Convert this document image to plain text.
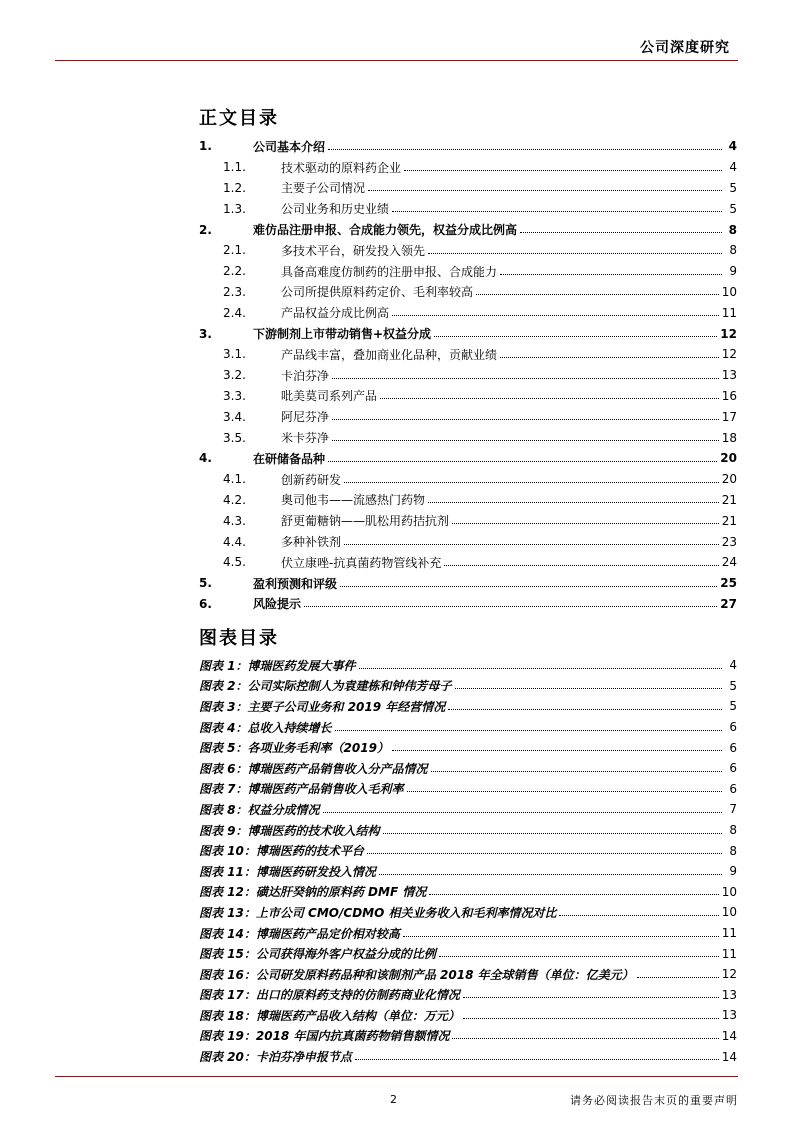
公司深度研究
正文目录
1.	公司基本介绍	4
1.1.	技术驱动的原料药企业	4
1.2.	主要子公司情况	5
1.3.	公司业务和历史业绩	5
2.	难仿品注册申报、合成能力领先，权益分成比例高	8
2.1.	多技术平台，研发投入领先	8
2.2.	具备高难度仿制药的注册申报、合成能力	9
2.3.	公司所提供原料药定价、毛利率较高	10
2.4.	产品权益分成比例高	11
3.	下游制剂上市带动销售+权益分成	12
3.1.	产品线丰富，叠加商业化品种，贡献业绩	12
3.2.	卡泊芬净	13
3.3.	吡美莫司系列产品	16
3.4.	阿尼芬净	17
3.5.	米卡芬净	18
4.	在研储备品种	20
4.1.	创新药研发	20
4.2.	奥司他韦——流感热门药物	21
4.3.	舒更葡糖钠——肌松用药拮抗剂	21
4.4.	多种补铁剂	23
4.5.	伏立康唑-抗真菌药物管线补充	24
5.	盈利预测和评级	25
6.	风险提示	27
图表目录
图表 1：博瑞医药发展大事件	4
图表 2：公司实际控制人为袁建栋和钟伟芳母子	5
图表 3：主要子公司业务和 2019 年经营情况	5
图表 4：总收入持续增长	6
图表 5：各项业务毛利率（2019）	6
图表 6：博瑞医药产品销售收入分产品情况	6
图表 7：博瑞医药产品销售收入毛利率	6
图表 8：权益分成情况	7
图表 9：博瑞医药的技术收入结构	8
图表 10：博瑞医药的技术平台	8
图表 11：博瑞医药研发投入情况	9
图表 12：磺达肝癸钠的原料药 DMF 情况	10
图表 13：上市公司 CMO/CDMO 相关业务收入和毛利率情况对比	10
图表 14：博瑞医药产品定价相对较高	11
图表 15：公司获得海外客户权益分成的比例	11
图表 16：公司研发原料药品种和该制剂产品 2018 年全球销售（单位：亿美元）	12
图表 17：出口的原料药支持的仿制药商业化情况	13
图表 18：博瑞医药产品收入结构（单位：万元）	13
图表 19：2018 年国内抗真菌药物销售额情况	14
图表 20：卡泊芬净申报节点	14
2	请务必阅读报告末页的重要声明
